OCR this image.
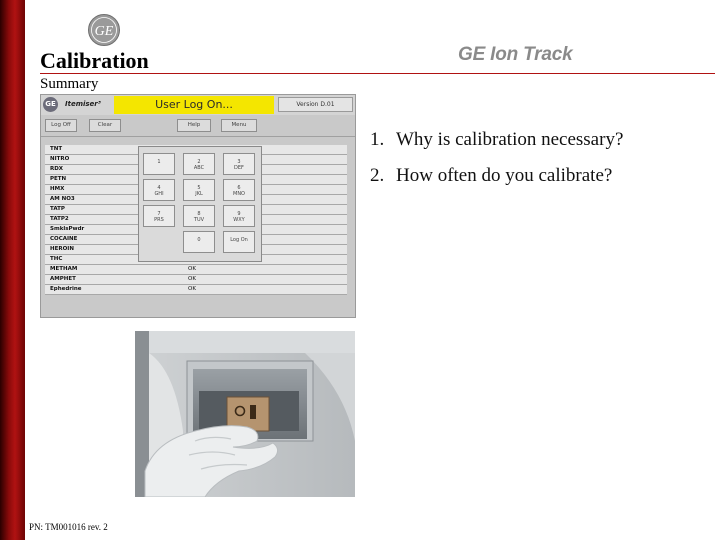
GE
Calibration
Summary
GE Ion Track
GE	Itemiser³	User Log On...	Version D.01
Log Off	Clear	Help	Menu
TNT
NITRO
RDX
PETN
HMX
AM NO3
TATP
TATP2
SmklsPwdr
COCAINE
HEROIN
THC
METHAM	OK
AMPHET	OK
Ephedrine	OK
1	2
ABC
3
DEF
4
GHI
5
JKL
6
MNO
7
PRS
8
TUV
9
WXY
0	Log On
1. Why is calibration necessary?
2. How often do you calibrate?
PN: TM001016 rev. 2
